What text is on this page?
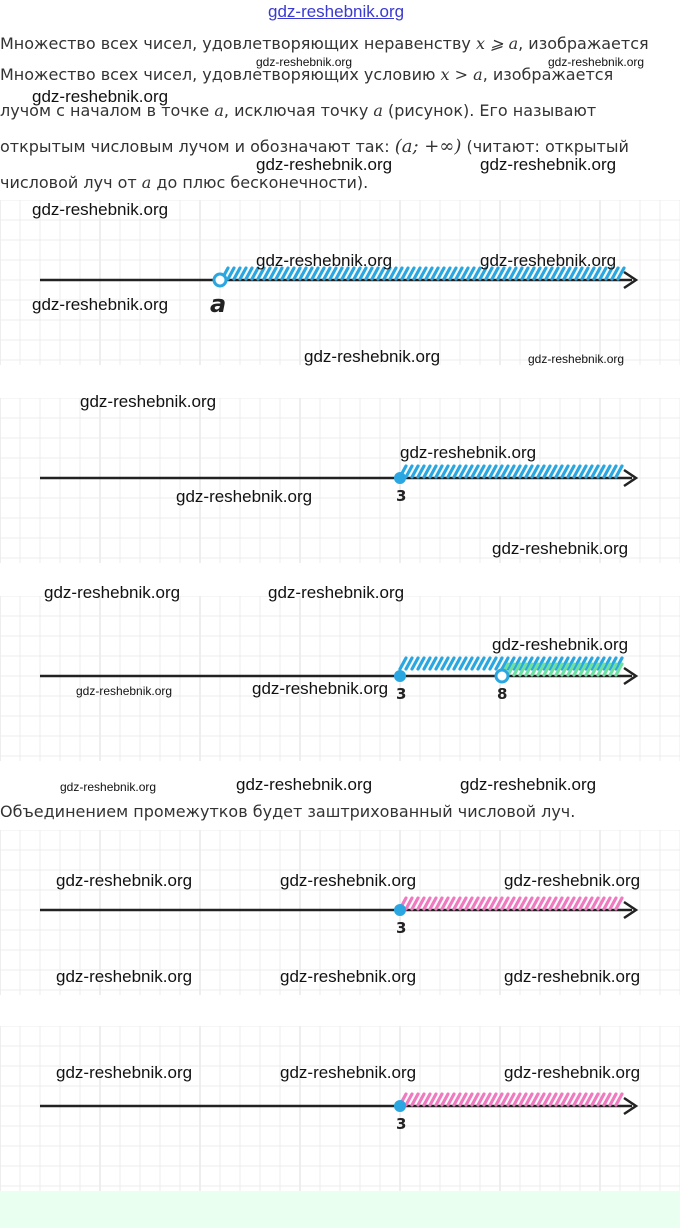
gdz-reshebnik.org
Множество всех чисел, удовлетворяющих неравенству x ⩾ a, изображается
Множество всех чисел, удовлетворяющих условию x > a, изображается
лучом с началом в точке a, исключая точку a (рисунок). Его называют
открытым числовым лучом и обозначают так: (a; +∞) (читают: открытый
числовой луч от a до плюс бесконечности).
Объединением промежутков будет заштрихованный числовой луч.
a
3
3	8
3
3
gdz-reshebnik.org	gdz-reshebnik.org
gdz-reshebnik.org
gdz-reshebnik.org	gdz-reshebnik.org
gdz-reshebnik.org
gdz-reshebnik.org	gdz-reshebnik.org
gdz-reshebnik.org
gdz-reshebnik.org	gdz-reshebnik.org
gdz-reshebnik.org
gdz-reshebnik.org
gdz-reshebnik.org
gdz-reshebnik.org
gdz-reshebnik.org	gdz-reshebnik.org
gdz-reshebnik.org
gdz-reshebnik.org	gdz-reshebnik.org
gdz-reshebnik.org	gdz-reshebnik.org	gdz-reshebnik.org
gdz-reshebnik.org	gdz-reshebnik.org	gdz-reshebnik.org
gdz-reshebnik.org	gdz-reshebnik.org	gdz-reshebnik.org
gdz-reshebnik.org	gdz-reshebnik.org	gdz-reshebnik.org
